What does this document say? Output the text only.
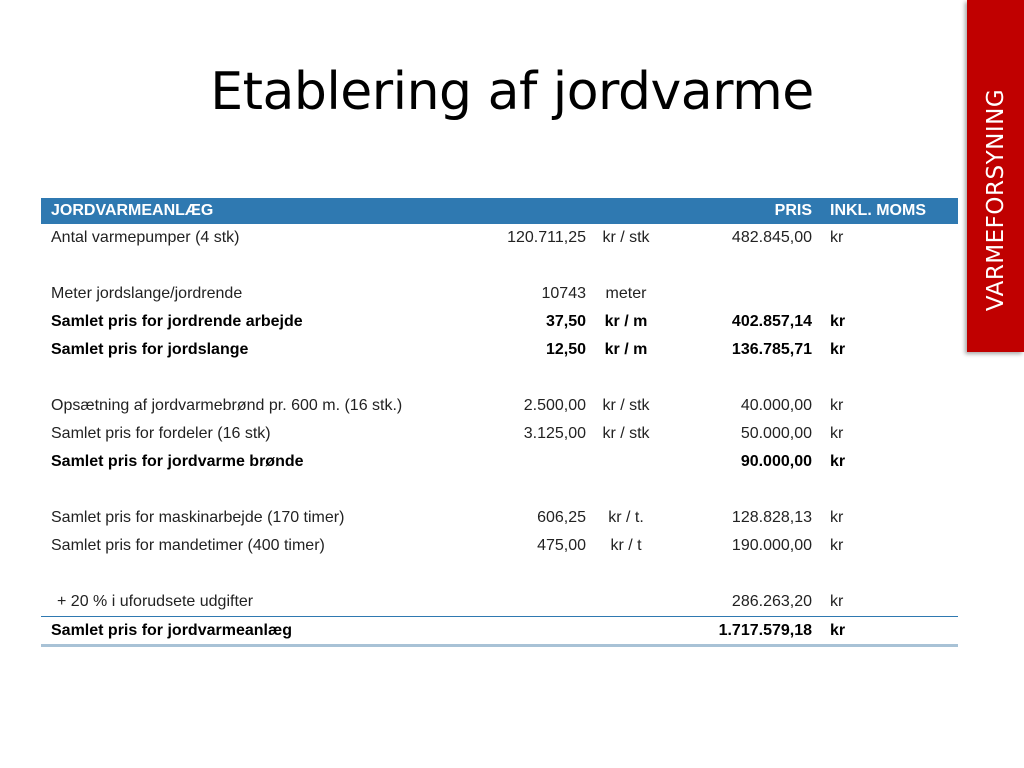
Etablering af jordvarme	VARMEFORSYNING
JORDVARMEANLÆG			PRIS	INKL. MOMS
Antal varmepumper (4 stk)	120.711,25	kr / stk	482.845,00	kr

Meter jordslange/jordrende	10743	meter		
Samlet pris for jordrende arbejde	37,50	kr / m	402.857,14	kr
Samlet pris for jordslange	12,50	kr / m	136.785,71	kr

Opsætning af jordvarmebrønd pr. 600 m. (16 stk.)	2.500,00	kr / stk	40.000,00	kr
Samlet pris for fordeler (16 stk)	3.125,00	kr / stk	50.000,00	kr
Samlet pris for jordvarme brønde			90.000,00	kr

Samlet pris for maskinarbejde (170 timer)	606,25	kr / t.	128.828,13	kr
Samlet pris for mandetimer (400 timer)	475,00	kr / t	190.000,00	kr

+ 20 % i uforudsete udgifter			286.263,20	kr
Samlet pris for jordvarmeanlæg			1.717.579,18	kr
